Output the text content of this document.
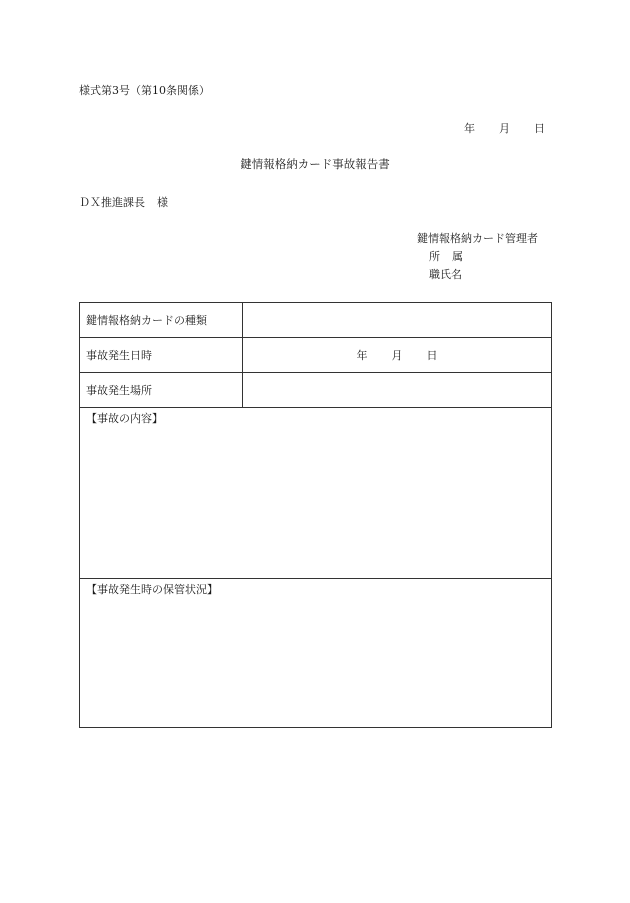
様式第3号（第10条関係）
年 月 日
鍵情報格納カード事故報告書
ＤＸ推進課長 様
鍵情報格納カード管理者
所 属
職氏名
鍵情報格納カードの種類	
事故発生日時	年 月 日
事故発生場所	
【事故の内容】	
【事故発生時の保管状況】	
